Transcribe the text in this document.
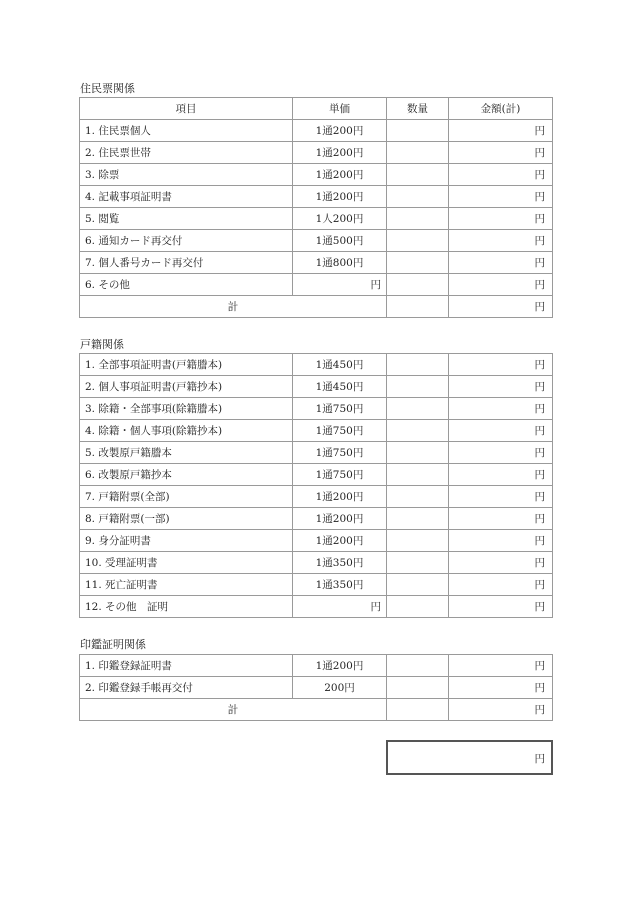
住民票関係
項目	単価	数量	金額(計)
1. 住民票個人	1通200円		円
2. 住民票世帯	1通200円		円
3. 除票	1通200円		円
4. 記載事項証明書	1通200円		円
5. 閲覧	1人200円		円
6. 通知カード再交付	1通500円		円
7. 個人番号カード再交付	1通800円		円
6. その他	円		円
計			円
戸籍関係
1. 全部事項証明書(戸籍謄本)	1通450円		円
2. 個人事項証明書(戸籍抄本)	1通450円		円
3. 除籍・全部事項(除籍謄本)	1通750円		円
4. 除籍・個人事項(除籍抄本)	1通750円		円
5. 改製原戸籍謄本	1通750円		円
6. 改製原戸籍抄本	1通750円		円
7. 戸籍附票(全部)	1通200円		円
8. 戸籍附票(一部)	1通200円		円
9. 身分証明書	1通200円		円
10. 受理証明書	1通350円		円
11. 死亡証明書	1通350円		円
12. その他　証明	円		円
印鑑証明関係
1. 印鑑登録証明書	1通200円		円
2. 印鑑登録手帳再交付	200円		円
計			円
円
